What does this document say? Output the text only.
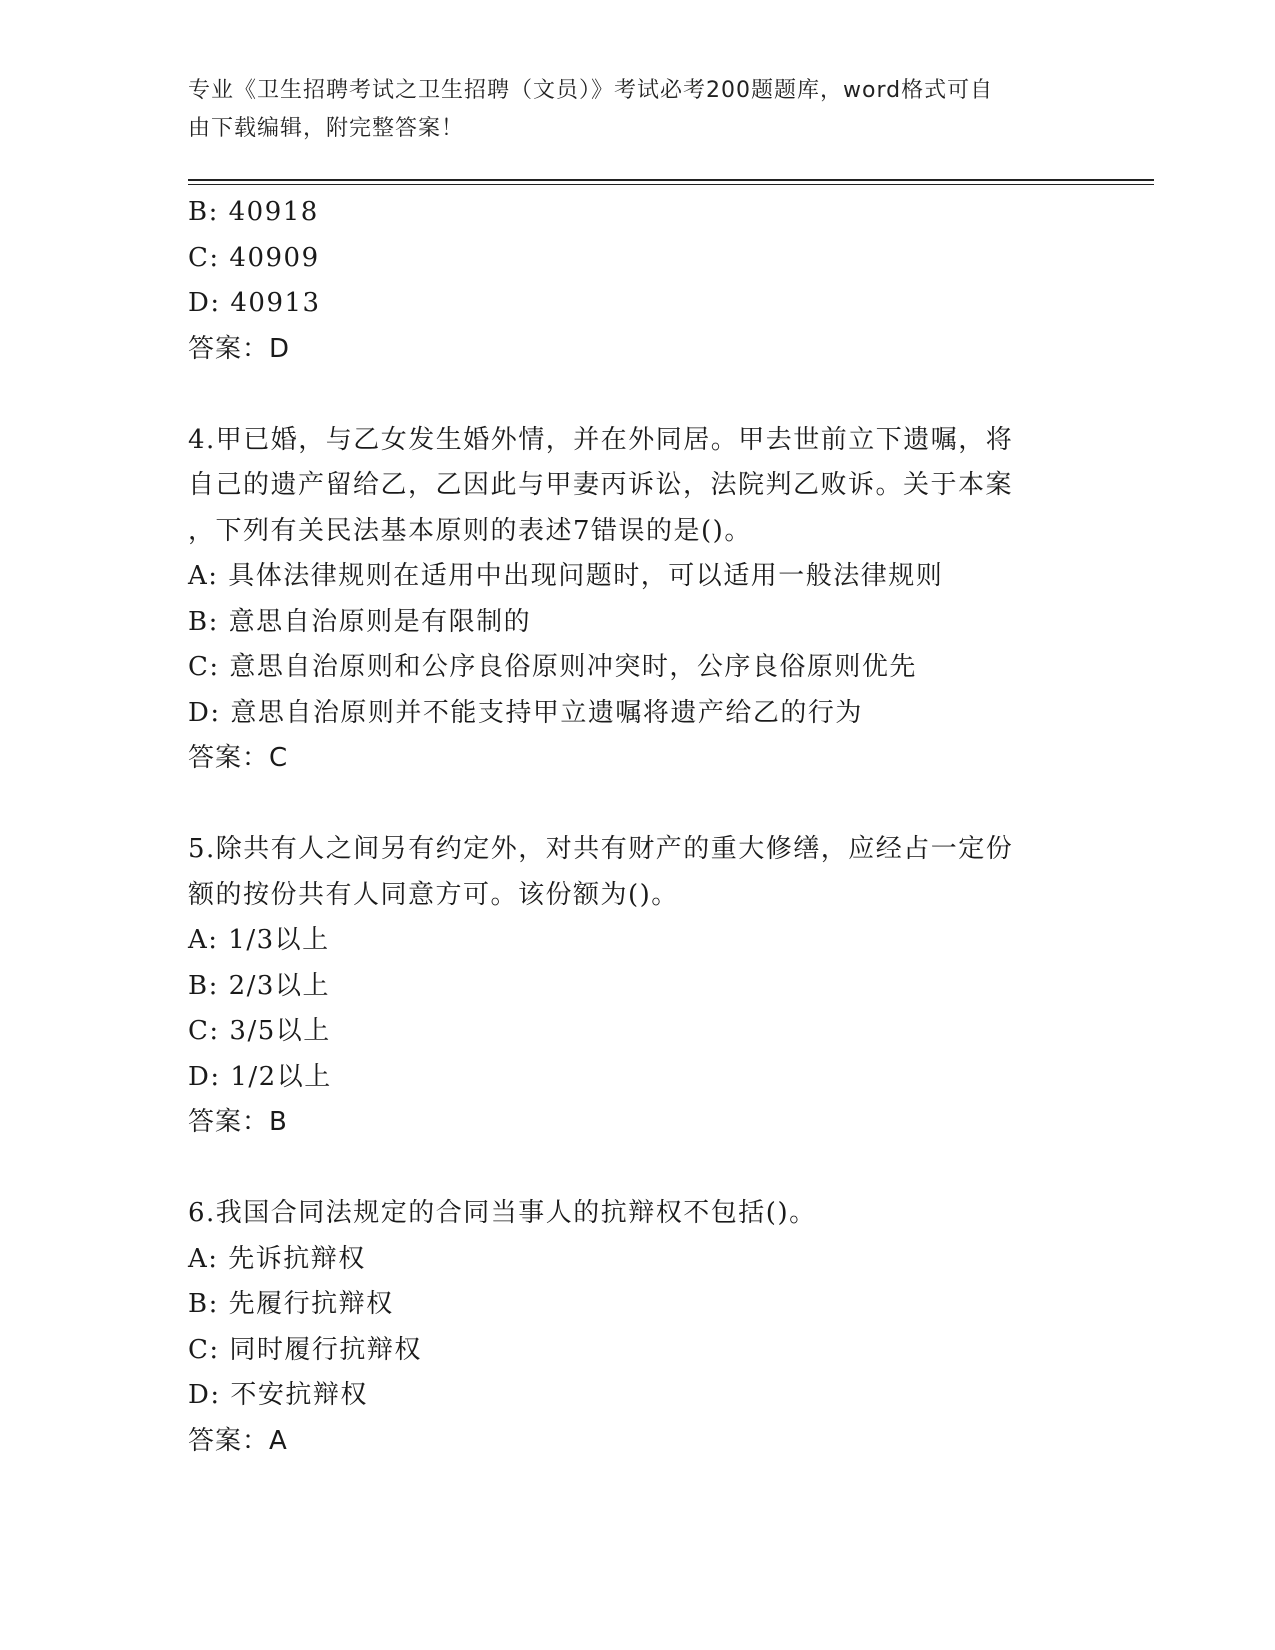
专业《卫生招聘考试之卫生招聘（文员）》考试必考200题题库，word格式可自
由下载编辑，附完整答案！
B: 40918
C: 40909
D: 40913
答案：D
4.甲已婚，与乙女发生婚外情，并在外同居。甲去世前立下遗嘱，将
自己的遗产留给乙，乙因此与甲妻丙诉讼，法院判乙败诉。关于本案
，下列有关民法基本原则的表述7错误的是()。
A: 具体法律规则在适用中出现问题时，可以适用一般法律规则
B: 意思自治原则是有限制的
C: 意思自治原则和公序良俗原则冲突时，公序良俗原则优先
D: 意思自治原则并不能支持甲立遗嘱将遗产给乙的行为
答案：C
5.除共有人之间另有约定外，对共有财产的重大修缮，应经占一定份
额的按份共有人同意方可。该份额为()。
A: 1/3以上
B: 2/3以上
C: 3/5以上
D: 1/2以上
答案：B
6.我国合同法规定的合同当事人的抗辩权不包括()。
A: 先诉抗辩权
B: 先履行抗辩权
C: 同时履行抗辩权
D: 不安抗辩权
答案：A
